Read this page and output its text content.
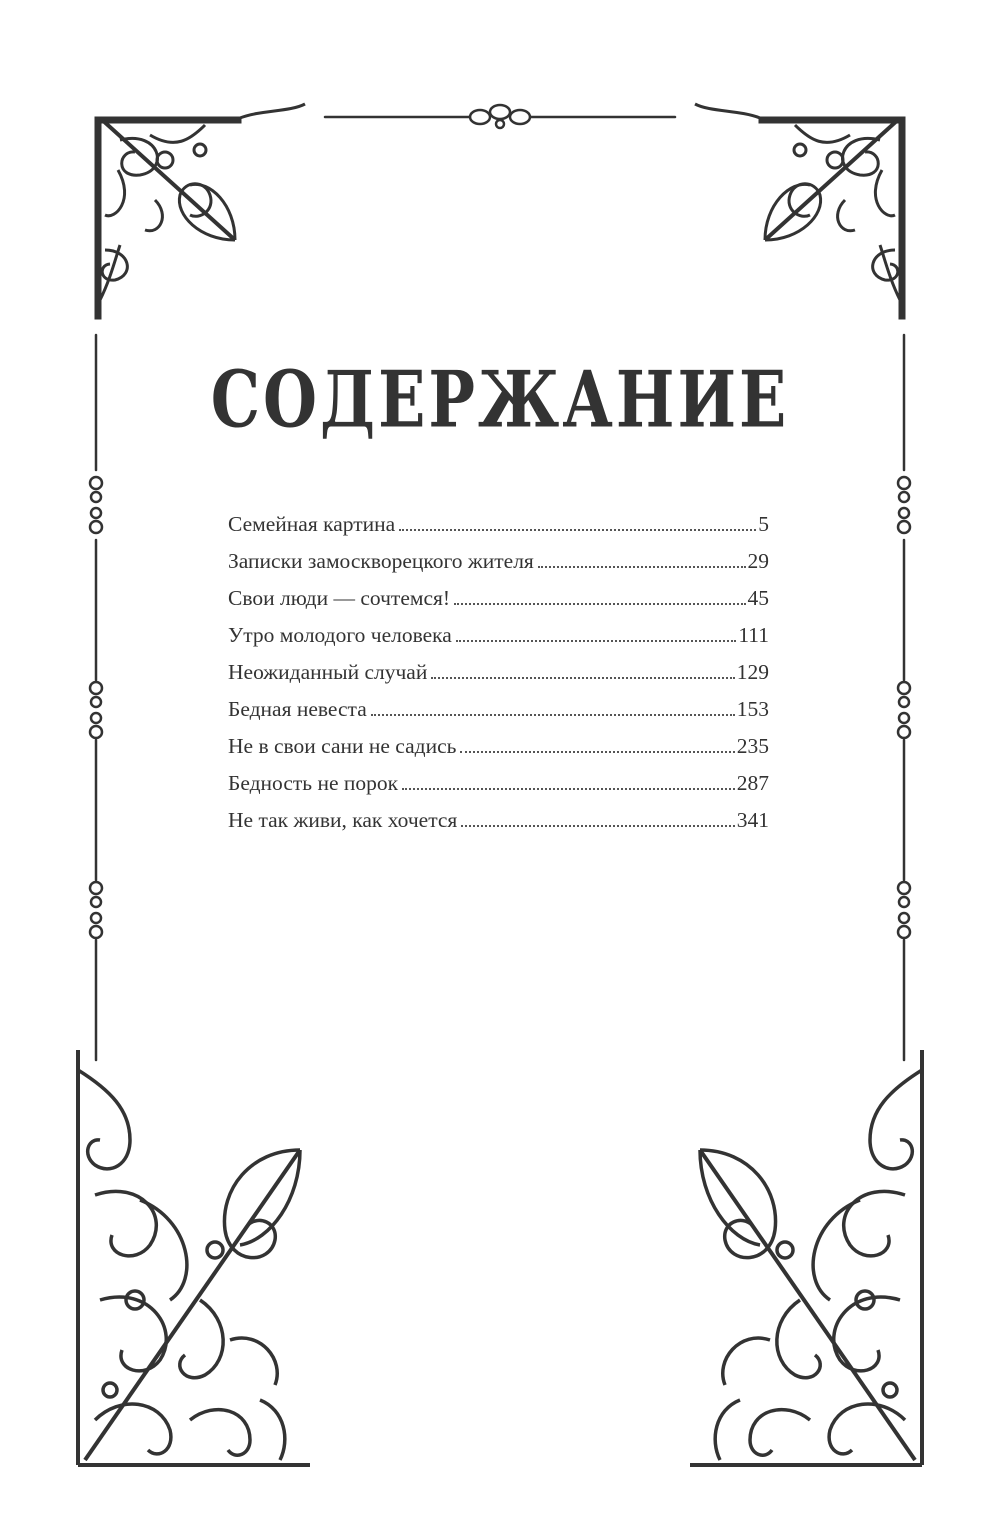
СОДЕРЖАНИЕ
Семейная картина	5
Записки замоскворецкого жителя	29
Свои люди — сочтемся!	45
Утро молодого человека	111
Неожиданный случай	129
Бедная невеста	153
Не в свои сани не садись	235
Бедность не порок	287
Не так живи, как хочется	341
